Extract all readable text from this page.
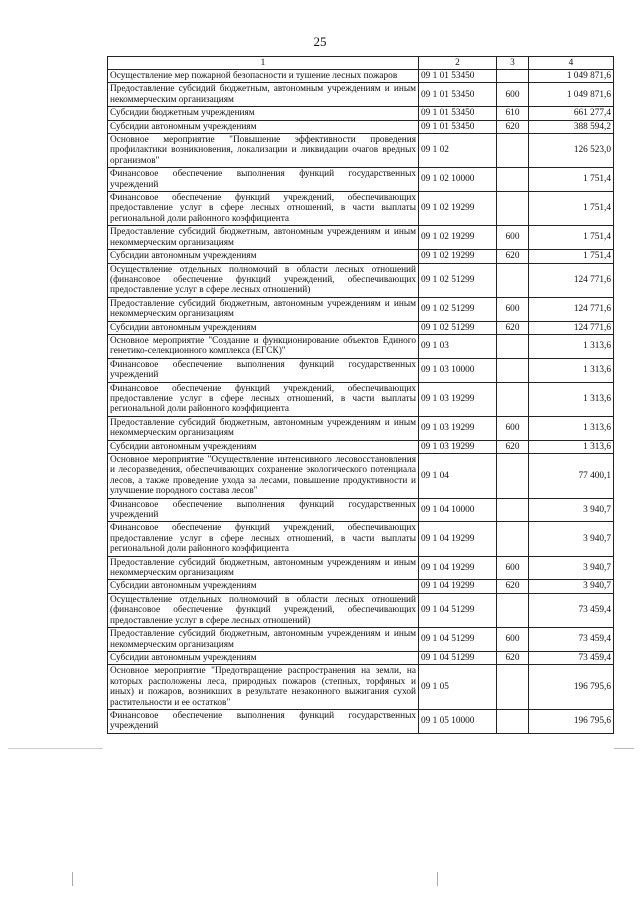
25
1	2	3	4
Осуществление мер пожарной безопасности и тушение лесных пожаров	09 1 01 53450		1 049 871,6
Предоставление субсидий бюджетным, автономным учреждениям и иным некоммерческим организациям	09 1 01 53450	600	1 049 871,6
Субсидии бюджетным учреждениям	09 1 01 53450	610	661 277,4
Субсидии автономным учреждениям	09 1 01 53450	620	388 594,2
Основное мероприятие "Повышение эффективности проведения профилактики возникновения, локализации и ликвидации очагов вредных организмов"	09 1 02		126 523,0
Финансовое обеспечение выполнения функций государственных учреждений	09 1 02 10000		1 751,4
Финансовое обеспечение функций учреждений, обеспечивающих предоставление услуг в сфере лесных отношений, в части выплаты региональной доли районного коэффициента	09 1 02 19299		1 751,4
Предоставление субсидий бюджетным, автономным учреждениям и иным некоммерческим организациям	09 1 02 19299	600	1 751,4
Субсидии автономным учреждениям	09 1 02 19299	620	1 751,4
Осуществление отдельных полномочий в области лесных отношений (финансовое обеспечение функций учреждений, обеспечивающих предоставление услуг в сфере лесных отношений)	09 1 02 51299		124 771,6
Предоставление субсидий бюджетным, автономным учреждениям и иным некоммерческим организациям	09 1 02 51299	600	124 771,6
Субсидии автономным учреждениям	09 1 02 51299	620	124 771,6
Основное мероприятие "Создание и функционирование объектов Единого генетико-селекционного комплекса (ЕГСК)"	09 1 03		1 313,6
Финансовое обеспечение выполнения функций государственных учреждений	09 1 03 10000		1 313,6
Финансовое обеспечение функций учреждений, обеспечивающих предоставление услуг в сфере лесных отношений, в части выплаты региональной доли районного коэффициента	09 1 03 19299		1 313,6
Предоставление субсидий бюджетным, автономным учреждениям и иным некоммерческим организациям	09 1 03 19299	600	1 313,6
Субсидии автономным учреждениям	09 1 03 19299	620	1 313,6
Основное мероприятие "Осуществление интенсивного лесовосстановления и лесоразведения, обеспечивающих сохранение экологического потенциала лесов, а также проведение ухода за лесами, повышение продуктивности и улучшение породного состава лесов"	09 1 04		77 400,1
Финансовое обеспечение выполнения функций государственных учреждений	09 1 04 10000		3 940,7
Финансовое обеспечение функций учреждений, обеспечивающих предоставление услуг в сфере лесных отношений, в части выплаты региональной доли районного коэффициента	09 1 04 19299		3 940,7
Предоставление субсидий бюджетным, автономным учреждениям и иным некоммерческим организациям	09 1 04 19299	600	3 940,7
Субсидии автономным учреждениям	09 1 04 19299	620	3 940,7
Осуществление отдельных полномочий в области лесных отношений (финансовое обеспечение функций учреждений, обеспечивающих предоставление услуг в сфере лесных отношений)	09 1 04 51299		73 459,4
Предоставление субсидий бюджетным, автономным учреждениям и иным некоммерческим организациям	09 1 04 51299	600	73 459,4
Субсидии автономным учреждениям	09 1 04 51299	620	73 459,4
Основное мероприятие "Предотвращение распространения на земли, на которых расположены леса, природных пожаров (степных, торфяных и иных) и пожаров, возникших в результате незаконного выжигания сухой растительности и ее остатков"	09 1 05		196 795,6
Финансовое обеспечение выполнения функций государственных учреждений	09 1 05 10000		196 795,6
